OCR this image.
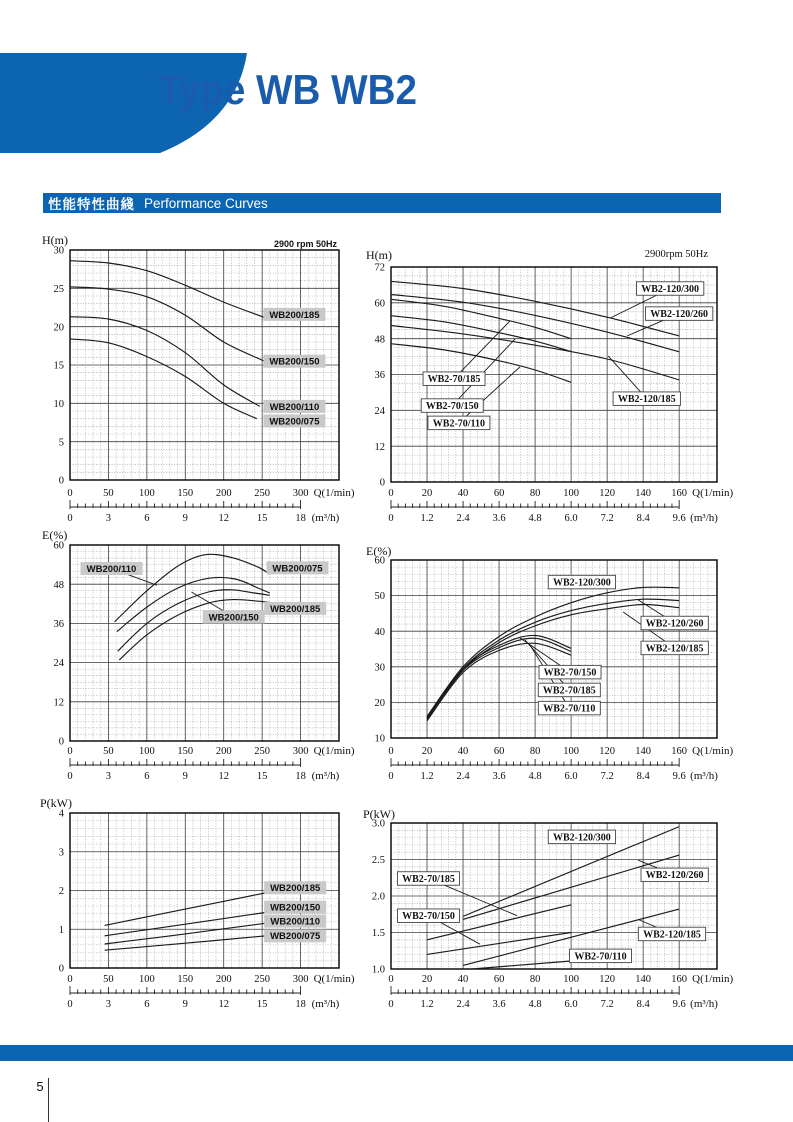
0
5
10
15
20
25
30
0	50 100 150 200 250 300 Q(1/min)
0	3	6	9	12	15	18 (m³/h)
H(m)	2900 rpm 50Hz
WB200/185
WB200/150
WB200/110
WB200/075
0
12
24
36
48
60
72
0	20 40 60 80 100 120 140 160 Q(1/min)
0	1.2 2.4 3.6 4.8 6.0 7.2 8.4 9.6 (m³/h)
H(m)	2900rpm 50Hz
WB2-120/300
WB2-120/260
WB2-70/185
WB2-70/150
WB2-70/110
WB2-120/185
0
12
24
36
48
60
0	50 100 150 200 250 300 Q(1/min)
0	3	6	9	12	15	18 (m³/h)
E(%)
WB200/110	WB200/075
WB200/150
WB200/185
10
20
30
40
50
60
0	20 40 60 80 100 120 140 160 Q(1/min)
0	1.2 2.4 3.6 4.8 6.0 7.2 8.4 9.6 (m³/h)
E(%)
WB2-120/300
WB2-120/260
WB2-120/185
WB2-70/150
WB2-70/185
WB2-70/110
0
1
2
3
4
0	50 100 150 200 250 300 Q(1/min)
0	3	6	9	12	15	18 (m³/h)
P(kW)
WB200/185
WB200/150
WB200/110
WB200/075
1.0
1.5
2.0
2.5
3.0
0	20 40 60 80 100 120 140 160 Q(1/min)
0	1.2 2.4 3.6 4.8 6.0 7.2 8.4 9.6 (m³/h)
P(kW)
WB2-120/300
WB2-70/185	WB2-120/260
WB2-70/150
WB2-120/185
WB2-70/110
Type WB WB2
性能特性曲綫 Performance Curves
5
